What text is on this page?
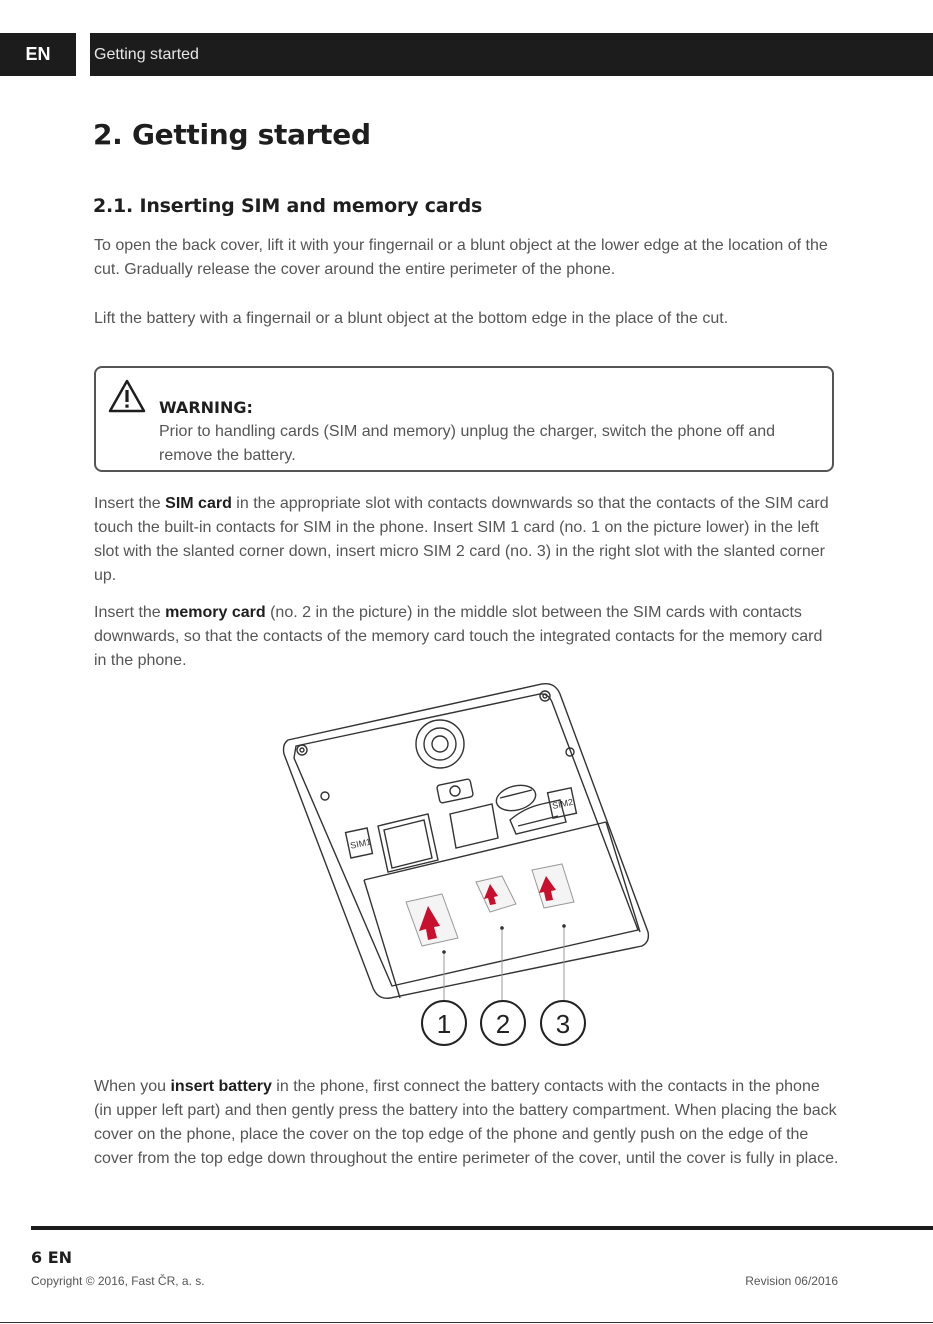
EN	Getting started
2. Getting started
2.1. Inserting SIM and memory cards

To open the back cover, lift it with your fingernail or a blunt object at the lower edge at the location of the cut. Gradually release the cover around the entire perimeter of the phone.

Lift the battery with a fingernail or a blunt object at the bottom edge in the place of the cut.

WARNING:
Prior to handling cards (SIM and memory) unplug the charger, switch the phone off and remove the battery.

Insert the SIM card in the appropriate slot with contacts downwards so that the contacts of the SIM card touch the built-in contacts for SIM in the phone. Insert SIM 1 card (no. 1 on the picture lower) in the left slot with the slanted corner down, insert micro SIM 2 card (no. 3) in the right slot with the slanted corner up.

Insert the memory card (no. 2 in the picture) in the middle slot between the SIM cards with contacts downwards, so that the contacts of the memory card touch the integrated contacts for the memory card in the phone.

SIM1
SIM2
1 2 3

When you insert battery in the phone, first connect the battery contacts with the contacts in the phone (in upper left part) and then gently press the battery into the battery compartment. When placing the back cover on the phone, place the cover on the top edge of the phone and gently push on the edge of the cover from the top edge down throughout the entire perimeter of the cover, until the cover is fully in place.

6 EN
Copyright © 2016, Fast ČR, a. s.	Revision 06/2016
